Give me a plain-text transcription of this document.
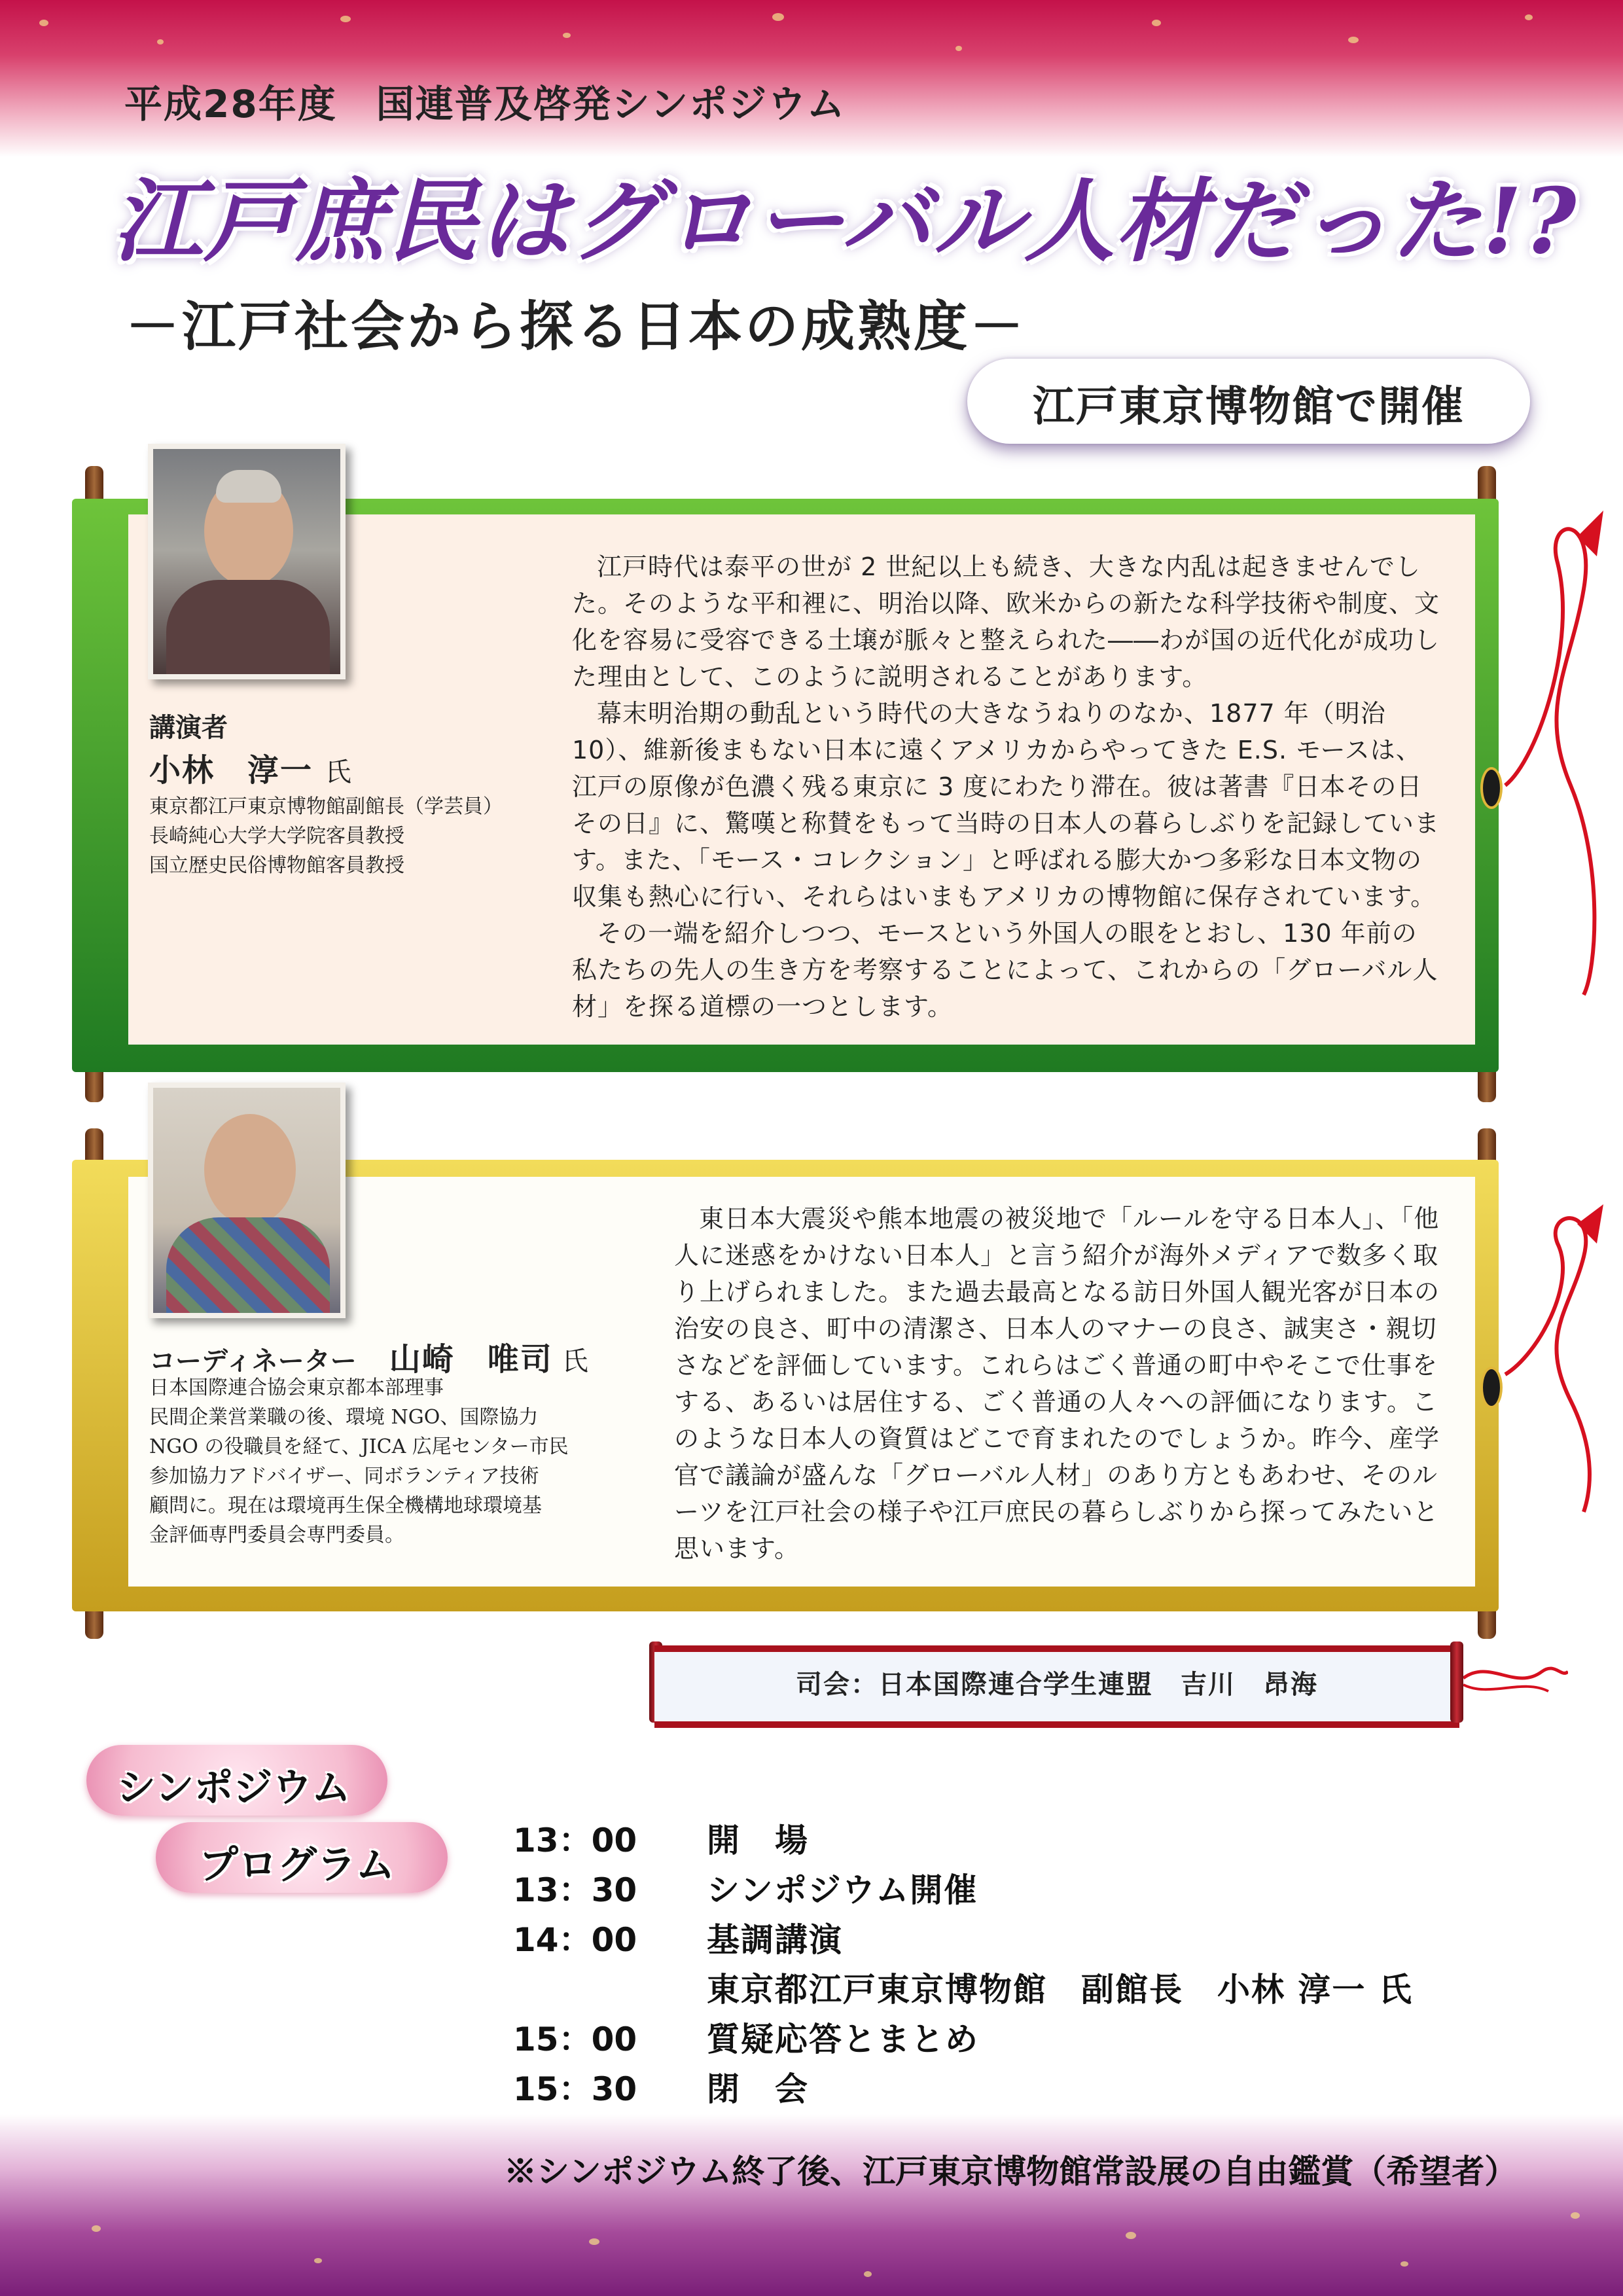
平成28年度　国連普及啓発シンポジウム
江戸庶民はグローバル人材だった!?
－江戸社会から探る日本の成熟度－
江戸東京博物館で開催
講演者
小林　淳一 氏
東京都江戸東京博物館副館長（学芸員）
長崎純心大学大学院客員教授
国立歴史民俗博物館客員教授

江戸時代は泰平の世が 2 世紀以上も続き、大きな内乱は起きませんでした。そのような平和裡に、明治以降、欧米からの新たな科学技術や制度、文化を容易に受容できる土壌が脈々と整えられた――わが国の近代化が成功した理由として、このように説明されることがあります。

幕末明治期の動乱という時代の大きなうねりのなか、1877 年（明治 10）、維新後まもない日本に遠くアメリカからやってきた E.S. モースは、江戸の原像が色濃く残る東京に 3 度にわたり滞在。彼は著書『日本その日その日』に、驚嘆と称賛をもって当時の日本人の暮らしぶりを記録しています。また、「モース・コレクション」と呼ばれる膨大かつ多彩な日本文物の収集も熱心に行い、それらはいまもアメリカの博物館に保存されています。

その一端を紹介しつつ、モースという外国人の眼をとおし、130 年前の私たちの先人の生き方を考察することによって、これからの「グローバル人材」を探る道標の一つとします。

コーディネーター 山崎　唯司 氏
日本国際連合協会東京都本部理事
民間企業営業職の後、環境 NGO、国際協力
NGO の役職員を経て、JICA 広尾センター市民
参加協力アドバイザー、同ボランティア技術
顧問に。現在は環境再生保全機構地球環境基
金評価専門委員会専門委員。

東日本大震災や熊本地震の被災地で「ルールを守る日本人」、「他人に迷惑をかけない日本人」と言う紹介が海外メディアで数多く取り上げられました。また過去最高となる訪日外国人観光客が日本の治安の良さ、町中の清潔さ、日本人のマナーの良さ、誠実さ・親切さなどを評価しています。これらはごく普通の町中やそこで仕事をする、あるいは居住する、ごく普通の人々への評価になります。このような日本人の資質はどこで育まれたのでしょうか。昨今、産学官で議論が盛んな「グローバル人材」のあり方ともあわせ、そのルーツを江戸社会の様子や江戸庶民の暮らしぶりから探ってみたいと思います。

司会：日本国際連合学生連盟　吉川　昂海
シンポジウム
プログラム
13：00 開　場
13：30 シンポジウム開催
14：00 基調講演
東京都江戸東京博物館　副館長　小林 淳一 氏
15：00 質疑応答とまとめ
15：30 閉　会
※シンポジウム終了後、江戸東京博物館常設展の自由鑑賞（希望者）
